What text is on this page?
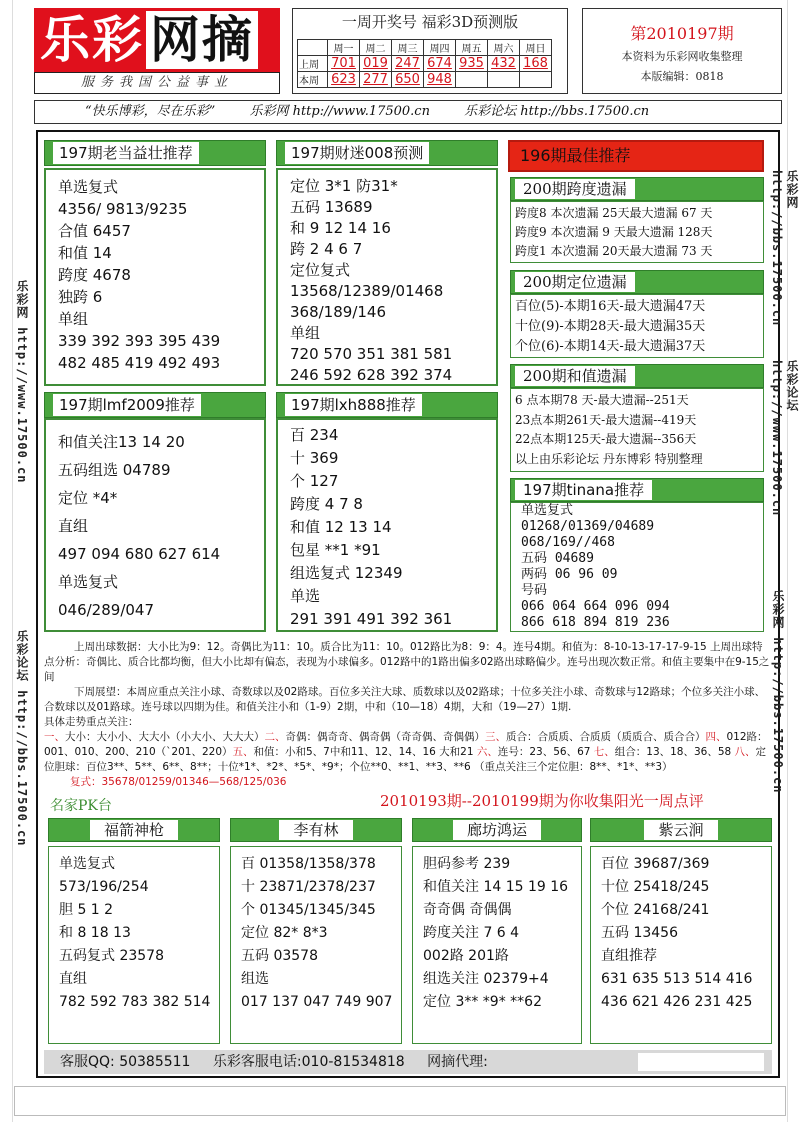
乐彩 网摘
服务我国公益事业
一周开奖号 福彩3D预测版
	周一	周二	周三	周四	周五	周六	周日
上周	701	019	247	674	935	432	168
本周	623	277	650	948			
第2010197期
本资料为乐彩网收集整理
本版编辑：0818
“快乐博彩，尽在乐彩”	乐彩网 http://www.17500.cn	乐彩论坛 http://bbs.17500.cn
乐彩网 http://www.17500.cn
乐彩论坛 http://bbs.17500.cn
乐彩网 http://bbs.17500.cn
乐彩论坛 http://www.17500.cn
乐彩网 http://bbs.17500.cn
197期老当益壮推荐
单选复式
4356/ 9813/9235
合值 6457
和值 14
跨度 4678
独跨 6
单组
339 392 393 395 439
482 485 419 492 493
197期财迷008预测
定位 3*1 防31*
五码 13689
和 9 12 14 16
跨 2 4 6 7
定位复式
13568/12389/01468
368/189/146
单组
720 570 351 381 581
246 592 628 392 374
197期lmf2009推荐
和值关注13 14 20
五码组选 04789
定位 *4*
直组
497 094 680 627 614
单选复式
046/289/047
197期lxh888推荐
百 234
十 369
个 127
跨度 4 7 8
和值 12 13 14
包星 **1 *91
组选复式 12349
单选
291 391 491 392 361
196期最佳推荐
200期跨度遗漏
跨度8 本次遗漏 25天最大遗漏 67 天
跨度9 本次遗漏 9 天最大遗漏 128天
跨度1 本次遗漏 20天最大遗漏 73 天
200期定位遗漏
百位(5)-本期16天-最大遗漏47天
十位(9)-本期28天-最大遗漏35天
个位(6)-本期14天-最大遗漏37天
200期和值遗漏
6 点本期78 天-最大遗漏--251天
23点本期261天-最大遗漏--419天
22点本期125天-最大遗漏--356天
以上由乐彩论坛 丹东博彩 特别整理
197期tinana推荐
单选复式
01268/01369/04689
068/169//468
五码 04689
两码 06 96 09
号码
066 064 664 096 094
866 618 894 819 236

上周出球数据：大小比为9：12。奇偶比为11：10。质合比为11：10。012路比为8：9：4。连号4期。和值为：8-10-13-17-17-9-15 上周出球特点分析：奇偶比、质合比都均衡，但大小比却有偏态，表现为小球偏多。012路中的1路出偏多02路出球略偏少。连号出现次数正常。和值主要集中在9-15之间

下周展望：本周应重点关注小球、奇数球以及02路球。百位多关注大球、质数球以及02路球；十位多关注小球、奇数球与12路球；个位多关注小球、合数球以及01路球。连号球以四期为佳。和值关注小和（1-9）2期，中和（10—18）4期，大和（19—27）1期.

具体走势重点关注：

一、大小：大小小、大大小（小大小、大大大）二、奇偶：偶奇奇、偶奇偶（奇奇偶、奇偶偶）三、质合：合质质、合质质（质质合、质合合）四、012路：001、010、200、210（`201、220）五、和值：小和5、7中和11、12、14、16 大和21 六、连号：23、56、67 七、组合：13、18、36、58 八、定位胆球：百位3**、5**、6**、8**；十位*1*、*2*、*5*、*9*；个位**0、**1、**3、**6 （重点关注三个定位胆：8**、*1*、**3）

复式：35678/01259/01346—568/125/036

名家PK台	2010193期--2010199期为你收集阳光一周点评
福箭神枪
单选复式
573/196/254
胆 5 1 2
和 8 18 13
五码复式 23578
直组
782 592 783 382 514
李有林
百 01358/1358/378
十 23871/2378/237
个 01345/1345/345
定位 82* 8*3
五码 03578
组选
017 137 047 749 907
廊坊鸿运
胆码参考 239
和值关注 14 15 19 16
奇奇偶 奇偶偶
跨度关注 7 6 4
002路 201路
组选关注 02379+4
定位 3** *9* **62
紫云涧
百位 39687/369
十位 25418/245
个位 24168/241
五码 13456
直组推荐
631 635 513 514 416
436 621 426 231 425
客服QQ: 50385511 乐彩客服电话:010-81534818 网摘代理:
